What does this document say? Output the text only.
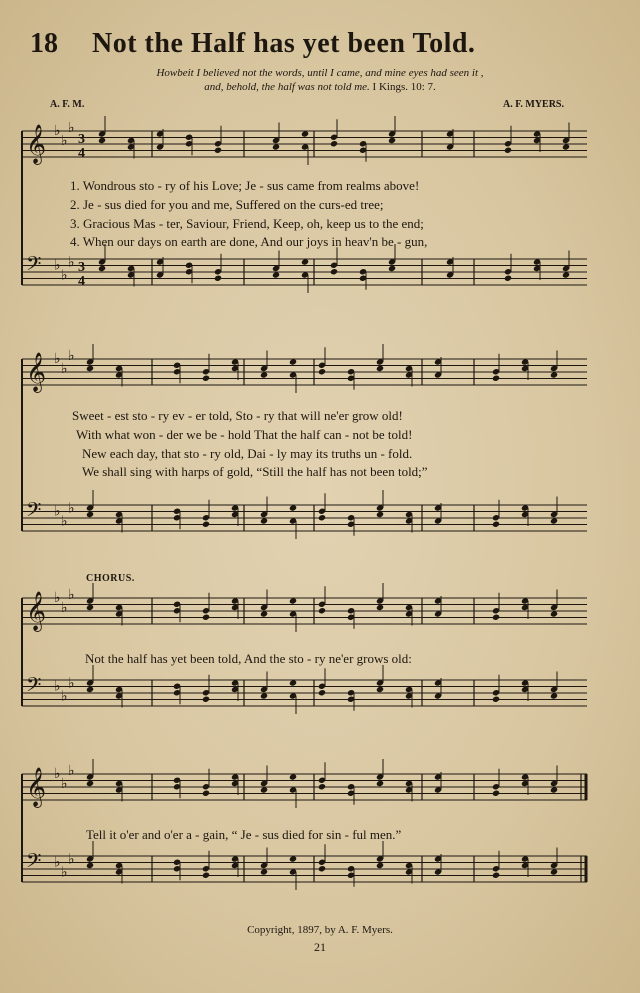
18 Not the Half has yet been Told.
Howbeit I believed not the words, until I came, and mine eyes had seen it ,
and, behold, the half was not told me. I Kings. 10: 7.
A. F. M.	A. F. MYERS.
𝄞 ♭
♭
♭
3
4
𝄢 ♭
♭
♭ 3
4
1. Wondrous sto - ry of his Love; Je - sus came from realms above!
2. Je - sus died for you and me, Suffered on the curs-ed tree;
3. Gracious Mas - ter, Saviour, Friend, Keep, oh, keep us to the end;
4. When our days on earth are done, And our joys in heav'n be - gun,
𝄞 ♭
♭
♭
𝄢 ♭
♭
♭
Sweet - est sto - ry ev - er told, Sto - ry that will ne'er grow old!
With what won - der we be - hold That the half can - not be told!
New each day, that sto - ry old, Dai - ly may its truths un - fold.
We shall sing with harps of gold, “Still the half has not been told;”
CHORUS.
𝄞 ♭
♭
♭
𝄢 ♭
♭
♭
Not the half has yet been told, And the sto - ry ne'er grows old:
𝄞 ♭
♭
♭
𝄢 ♭
♭
♭
Tell it o'er and o'er a - gain, “ Je - sus died for sin - ful men.”
Copyright, 1897, by A. F. Myers.
21
